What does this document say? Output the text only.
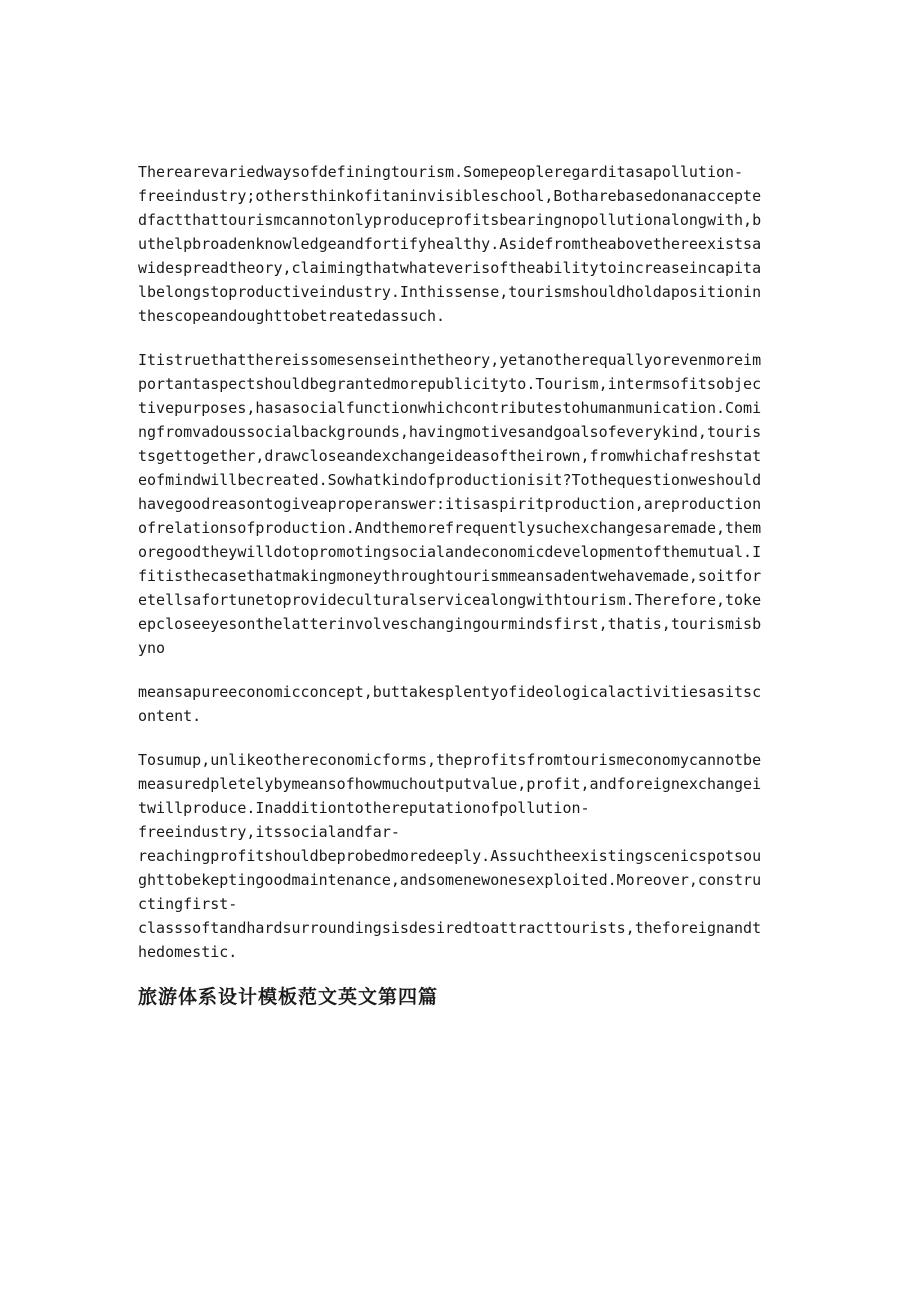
Therearevariedwaysofdefiningtourism.Somepeopleregarditasapollution-
freeindustry;othersthinkofitaninvisibleschool,Botharebasedonanaccepte
dfactthattourismcannotonlyproduceprofitsbearingnopollutionalongwith,b
uthelpbroadenknowledgeandfortifyhealthy.Asidefromtheabovethereexistsa
widespreadtheory,claimingthatwhateverisoftheabilitytoincreaseincapita
lbelongstoproductiveindustry.Inthissense,tourismshouldholdapositionin
thescopeandoughttobetreatedassuch.

Itistruethatthereissomesenseinthetheory,yetanotherequallyorevenmoreim
portantaspectshouldbegrantedmorepublicityto.Tourism,intermsofitsobjec
tivepurposes,hasasocialfunctionwhichcontributestohumanmunication.Comi
ngfromvadoussocialbackgrounds,havingmotivesandgoalsofeverykind,touris
tsgettogether,drawcloseandexchangeideasoftheirown,fromwhichafreshstat
eofmindwillbecreated.Sowhatkindofproductionisit?Tothequestionweshould
havegoodreasontogiveaproperanswer:itisaspiritproduction,areproduction
ofrelationsofproduction.Andthemorefrequentlysuchexchangesaremade,them
oregoodtheywilldotopromotingsocialandeconomicdevelopmentofthemutual.I
fitisthecasethatmakingmoneythroughtourismmeansadentwehavemade,soitfor
etellsafortunetoprovideculturalservicealongwithtourism.Therefore,toke
epcloseeyesonthelatterinvolveschangingourmindsfirst,thatis,tourismisb
yno

meansapureeconomicconcept,buttakesplentyofideologicalactivitiesasitsc
ontent.

Tosumup,unlikeothereconomicforms,theprofitsfromtourismeconomycannotbe
measuredpletelybymeansofhowmuchoutputvalue,profit,andforeignexchangei
twillproduce.Inadditiontothereputationofpollution-
freeindustry,itssocialandfar-
reachingprofitshouldbeprobedmoredeeply.Assuchtheexistingscenicspotsou
ghttobekeptingoodmaintenance,andsomenewonesexploited.Moreover,constru
ctingfirst-
classsoftandhardsurroundingsisdesiredtoattracttourists,theforeignandt
hedomestic.

旅游体系设计模板范文英文第四篇
